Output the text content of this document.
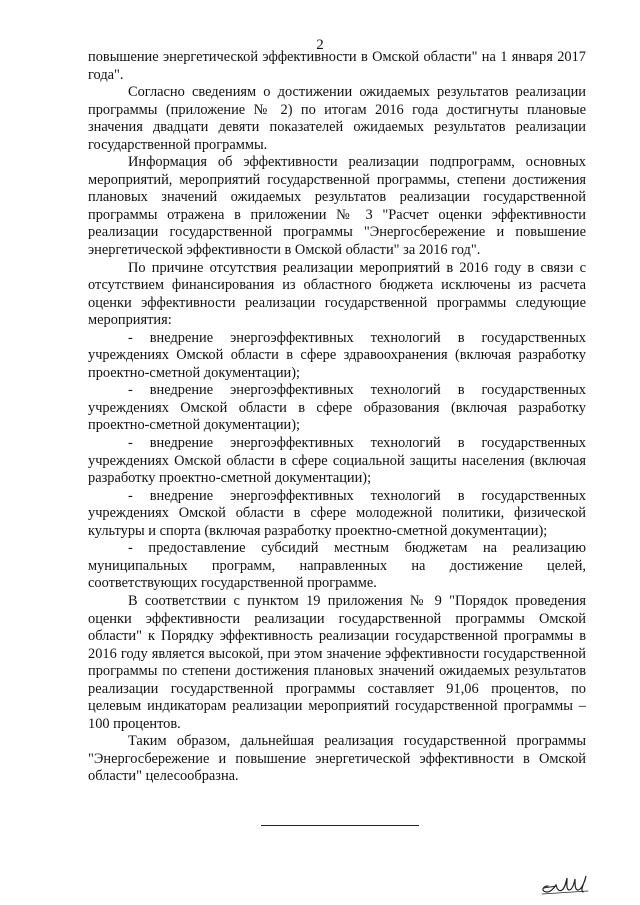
2

повышение энергетической эффективности в Омской области" на 1 января 2017 года".

Согласно сведениям о достижении ожидаемых результатов реализации программы (приложение № 2) по итогам 2016 года достигнуты плановые значения двадцати девяти показателей ожидаемых результатов реализации государственной программы.

Информация об эффективности реализации подпрограмм, основных мероприятий, мероприятий государственной программы, степени достижения плановых значений ожидаемых результатов реализации государственной программы отражена в приложении № 3 "Расчет оценки эффективности реализации государственной программы "Энергосбережение и повышение энергетической эффективности в Омской области" за 2016 год".

По причине отсутствия реализации мероприятий в 2016 году в связи с отсутствием финансирования из областного бюджета исключены из расчета оценки эффективности реализации государственной программы следующие мероприятия:

- внедрение энергоэффективных технологий в государственных учреждениях Омской области в сфере здравоохранения (включая разработку проектно-сметной документации);

- внедрение энергоэффективных технологий в государственных учреждениях Омской области в сфере образования (включая разработку проектно-сметной документации);

- внедрение энергоэффективных технологий в государственных учреждениях Омской области в сфере социальной защиты населения (включая разработку проектно-сметной документации);

- внедрение энергоэффективных технологий в государственных учреждениях Омской области в сфере молодежной политики, физической культуры и спорта (включая разработку проектно-сметной документации);

- предоставление субсидий местным бюджетам на реализацию муниципальных программ, направленных на достижение целей, соответствующих государственной программе.

В соответствии с пунктом 19 приложения № 9 "Порядок проведения оценки эффективности реализации государственной программы Омской области" к Порядку эффективность реализации государственной программы в 2016 году является высокой, при этом значение эффективности государственной программы по степени достижения плановых значений ожидаемых результатов реализации государственной программы составляет 91,06 процентов, по целевым индикаторам реализации мероприятий государственной программы – 100 процентов.

Таким образом, дальнейшая реализация государственной программы "Энергосбережение и повышение энергетической эффективности в Омской области" целесообразна.
